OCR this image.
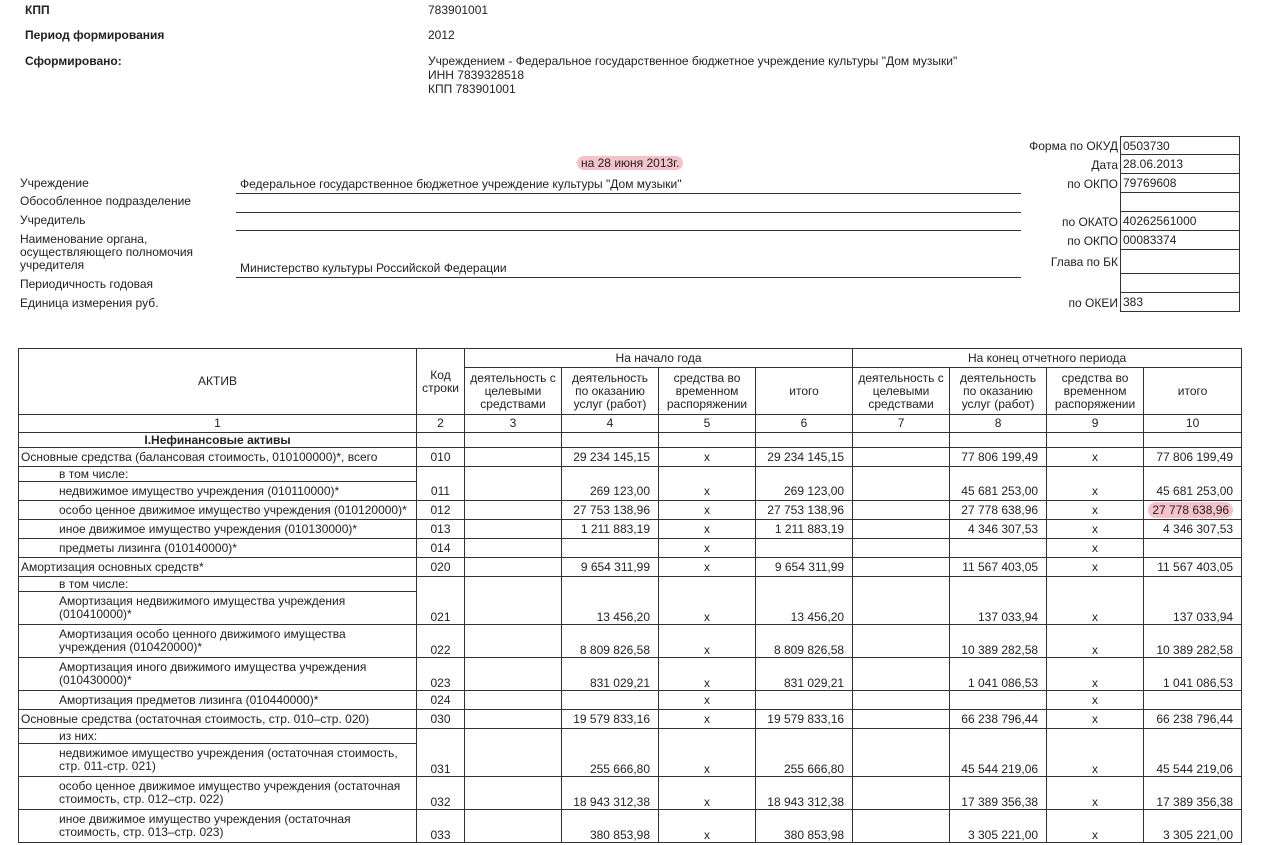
КПП	783901001
Период формирования	2012
Сформировано:	Учреждением - Федеральное государственное бюджетное учреждение культуры "Дом музыки"
ИНН 7839328518
КПП 783901001
на 28 июня 2013г.
Учреждение	Федеральное государственное бюджетное учреждение культуры "Дом музыки"
Обособленное подразделение
Учредитель
Наименование органа,
осуществляющего полномочия
учредителя	Министерство культуры Российской Федерации
Периодичность годовая
Единица измерения руб.
Форма по ОКУД 0503730
Дата 28.06.2013
по ОКПО 79769608
по ОКАТО 40262561000
по ОКПО 00083374
Глава по БК
по ОКЕИ 383
АКТИВ	Код строки	На начало года				На конец отчетного периода			
		деятельность с целевыми средствами	деятельность по оказанию услуг (работ)	средства во временном распоряжении	итого	деятельность с целевыми средствами	деятельность по оказанию услуг (работ)	средства во временном распоряжении	итого
1	2	3	4	5	6	7	8	9	10
I.Нефинансовые активы									
Основные средства (балансовая стоимость, 010100000)*, всего	010		29 234 145,15	x	29 234 145,15		77 806 199,49	x	77 806 199,49
в том числе:									
недвижимое имущество учреждения (010110000)*	011		269 123,00	x	269 123,00		45 681 253,00	x	45 681 253,00
особо ценное движимое имущество учреждения (010120000)*	012		27 753 138,96	x	27 753 138,96		27 778 638,96	x	27 778 638,96
иное движимое имущество учреждения (010130000)*	013		1 211 883,19	x	1 211 883,19		4 346 307,53	x	4 346 307,53
предметы лизинга (010140000)*	014			x				x	
Амортизация основных средств*	020		9 654 311,99	x	9 654 311,99		11 567 403,05	x	11 567 403,05
в том числе:									
Амортизация недвижимого имущества учреждения (010410000)*	021		13 456,20	x	13 456,20		137 033,94	x	137 033,94
Амортизация особо ценного движимого имущества учреждения (010420000)*	022		8 809 826,58	x	8 809 826,58		10 389 282,58	x	10 389 282,58
Амортизация иного движимого имущества учреждения (010430000)*	023		831 029,21	x	831 029,21		1 041 086,53	x	1 041 086,53
Амортизация предметов лизинга (010440000)*	024			x				x	
Основные средства (остаточная стоимость, стр. 010–стр. 020)	030		19 579 833,16	x	19 579 833,16		66 238 796,44	x	66 238 796,44
из них:									
недвижимое имущество учреждения (остаточная стоимость, стр. 011-стр. 021)	031		255 666,80	x	255 666,80		45 544 219,06	x	45 544 219,06
особо ценное движимое имущество учреждения (остаточная стоимость, стр. 012–стр. 022)	032		18 943 312,38	x	18 943 312,38		17 389 356,38	x	17 389 356,38
иное движимое имущество учреждения (остаточная стоимость, стр. 013–стр. 023)	033		380 853,98	x	380 853,98		3 305 221,00	x	3 305 221,00
